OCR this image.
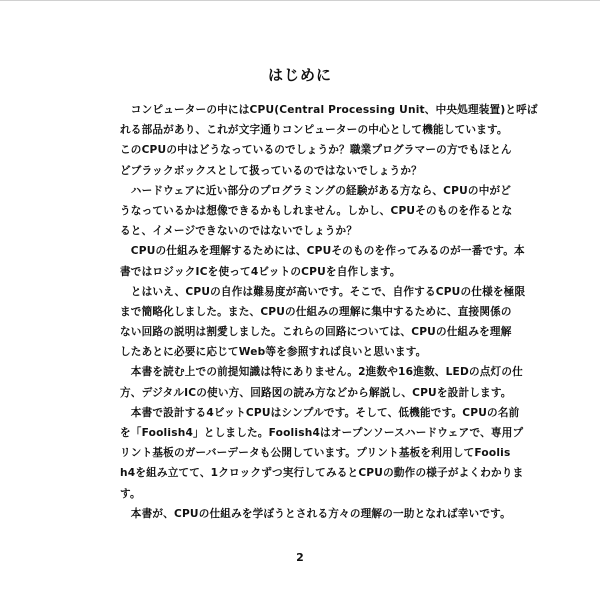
はじめに
　コンピューターの中にはCPU(Central Processing Unit、中央処理装置)と呼ば
れる部品があり、これが文字通りコンピューターの中心として機能しています。
このCPUの中はどうなっているのでしょうか？職業プログラマーの方でもほとん
どブラックボックスとして扱っているのではないでしょうか？
　ハードウェアに近い部分のプログラミングの経験がある方なら、CPUの中がど
うなっているかは想像できるかもしれません。しかし、CPUそのものを作るとな
ると、イメージできないのではないでしょうか？
　CPUの仕組みを理解するためには、CPUそのものを作ってみるのが一番です。本
書ではロジックICを使って4ビットのCPUを自作します。
　とはいえ、CPUの自作は難易度が高いです。そこで、自作するCPUの仕様を極限
まで簡略化しました。また、CPUの仕組みの理解に集中するために、直接関係の
ない回路の説明は割愛しました。これらの回路については、CPUの仕組みを理解
したあとに必要に応じてWeb等を参照すれば良いと思います。
　本書を読む上での前提知識は特にありません。2進数や16進数、LEDの点灯の仕
方、デジタルICの使い方、回路図の読み方などから解説し、CPUを設計します。
　本書で設計する4ビットCPUはシンプルです。そして、低機能です。CPUの名前
を「Foolish4」としました。Foolish4はオープンソースハードウェアで、専用プ
リント基板のガーバーデータも公開しています。プリント基板を利用してFoolis
h4を組み立てて、1クロックずつ実行してみるとCPUの動作の様子がよくわかりま
す。
　本書が、CPUの仕組みを学ぼうとされる方々の理解の一助となれば幸いです。
2
